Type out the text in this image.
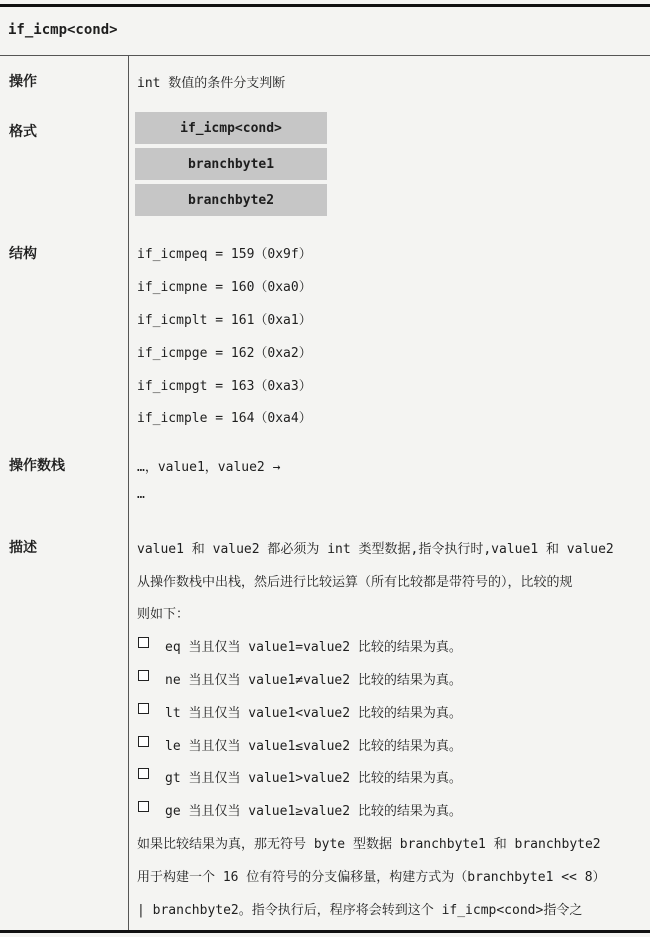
if_icmp<cond>
操作	int 数值的条件分支判断
格式	if_icmp<cond>
branchbyte1
branchbyte2
结构	if_icmpeq = 159（0x9f）
if_icmpne = 160（0xa0）
if_icmplt = 161（0xa1）
if_icmpge = 162（0xa2）
if_icmpgt = 163（0xa3）
if_icmple = 164（0xa4）
操作数栈	…，value1，value2 →
…
描述	value1 和 value2 都必须为 int 类型数据,指令执行时,value1 和 value2
从操作数栈中出栈，然后进行比较运算（所有比较都是带符号的），比较的规
则如下：
eq 当且仅当 value1=value2 比较的结果为真。
ne 当且仅当 value1≠value2 比较的结果为真。
lt 当且仅当 value1<value2 比较的结果为真。
le 当且仅当 value1≤value2 比较的结果为真。
gt 当且仅当 value1>value2 比较的结果为真。
ge 当且仅当 value1≥value2 比较的结果为真。
如果比较结果为真，那无符号 byte 型数据 branchbyte1 和 branchbyte2
用于构建一个 16 位有符号的分支偏移量，构建方式为（branchbyte1 << 8）
| branchbyte2。指令执行后，程序将会转到这个 if_icmp<cond>指令之
